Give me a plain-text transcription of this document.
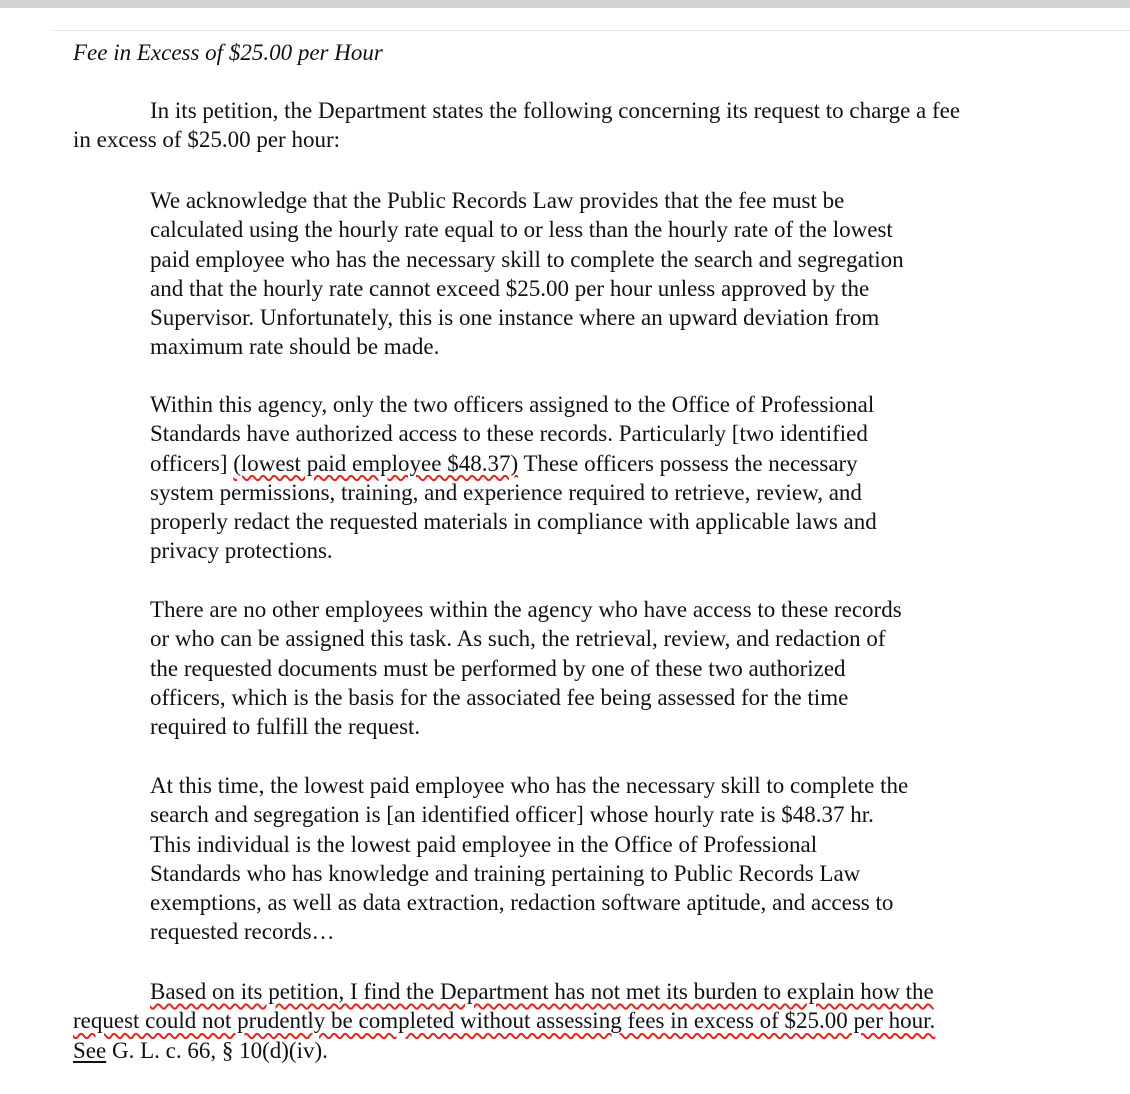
Fee in Excess of $25.00 per Hour

In its petition, the Department states the following concerning its request to charge a fee
in excess of $25.00 per hour:

We acknowledge that the Public Records Law provides that the fee must be
calculated using the hourly rate equal to or less than the hourly rate of the lowest
paid employee who has the necessary skill to complete the search and segregation
and that the hourly rate cannot exceed $25.00 per hour unless approved by the
Supervisor. Unfortunately, this is one instance where an upward deviation from
maximum rate should be made.

Within this agency, only the two officers assigned to the Office of Professional
Standards have authorized access to these records. Particularly [two identified
officers] (lowest paid employee $48.37) These officers possess the necessary
system permissions, training, and experience required to retrieve, review, and
properly redact the requested materials in compliance with applicable laws and
privacy protections.

There are no other employees within the agency who have access to these records
or who can be assigned this task. As such, the retrieval, review, and redaction of
the requested documents must be performed by one of these two authorized
officers, which is the basis for the associated fee being assessed for the time
required to fulfill the request.

At this time, the lowest paid employee who has the necessary skill to complete the
search and segregation is [an identified officer] whose hourly rate is $48.37 hr.
This individual is the lowest paid employee in the Office of Professional
Standards who has knowledge and training pertaining to Public Records Law
exemptions, as well as data extraction, redaction software aptitude, and access to
requested records…

Based on its petition, I find the Department has not met its burden to explain how the
request could not prudently be completed without assessing fees in excess of $25.00 per hour.
See G. L. c. 66, § 10(d)(iv).
